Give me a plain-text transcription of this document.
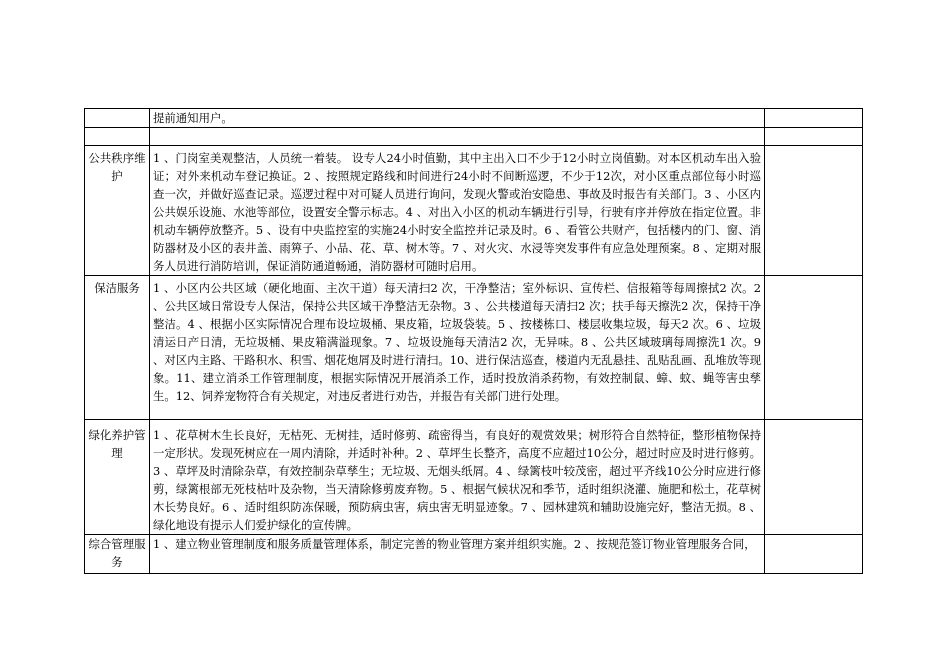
	提前通知用户。	

公共秩序维护	1 、门岗室美观整洁，人员统一着装。 设专人24小时值勤，其中主出入口不少于12小时立岗值勤。对本区机动车出入验证；对外来机动车登记换证。2 、按照规定路线和时间进行24小时不间断巡逻，不少于12次，对小区重点部位每小时巡查一次，并做好巡查记录。巡逻过程中对可疑人员进行询问，发现火警或治安隐患、事故及时报告有关部门。3 、小区内公共娱乐设施、水池等部位，设置安全警示标志。4 、对出入小区的机动车辆进行引导，行驶有序并停放在指定位置。非机动车辆停放整齐。5 、设有中央监控室的实施24小时安全监控并记录及时。6 、看管公共财产，包括楼内的门、窗、消防器材及小区的表井盖、雨箅子、小品、花、草、树木等。7 、对火灾、水浸等突发事件有应急处理预案。8 、定期对服务人员进行消防培训，保证消防通道畅通，消防器材可随时启用。	
保洁服务	1 、小区内公共区域（硬化地面、主次干道）每天清扫2 次，干净整洁；室外标识、宣传栏、信报箱等每周擦拭2 次。2 、公共区域日常设专人保洁，保持公共区域干净整洁无杂物。3 、公共楼道每天清扫2 次；扶手每天擦洗2 次，保持干净整洁。4 、根据小区实际情况合理布设垃圾桶、果皮箱，垃圾袋装。5 、按楼栋口、楼层收集垃圾，每天2 次。6 、垃圾清运日产日清，无垃圾桶、果皮箱满溢现象。7 、垃圾设施每天清洁2 次，无异味。8 、公共区域玻璃每周擦洗1 次。9 、对区内主路、干路积水、积雪、烟花炮屑及时进行清扫。10、进行保洁巡查，楼道内无乱悬挂、乱贴乱画、乱堆放等现象。11、建立消杀工作管理制度，根据实际情况开展消杀工作，适时投放消杀药物，有效控制鼠、蟑、蚊、蝇等害虫孳生。12、饲养宠物符合有关规定，对违反者进行劝告，并报告有关部门进行处理。	
绿化养护管理	1 、花草树木生长良好，无枯死、无树挂，适时修剪、疏密得当，有良好的观赏效果；树形符合自然特征，整形植物保持一定形状。发现死树应在一周内清除，并适时补种。2 、草坪生长整齐，高度不应超过10公分，超过时应及时进行修剪。3 、草坪及时清除杂草，有效控制杂草孳生；无垃圾、无烟头纸屑。4 、绿篱枝叶较茂密，超过平齐线10公分时应进行修剪，绿篱根部无死枝枯叶及杂物，当天清除修剪废弃物。5 、根据气候状况和季节，适时组织浇灌、施肥和松土，花草树木长势良好。6 、适时组织防冻保暖，预防病虫害，病虫害无明显迹象。7 、园林建筑和辅助设施完好，整洁无损。8 、绿化地设有提示人们爱护绿化的宣传牌。	
综合管理服务	1 、建立物业管理制度和服务质量管理体系，制定完善的物业管理方案并组织实施。2 、按规范签订物业管理服务合同，	
